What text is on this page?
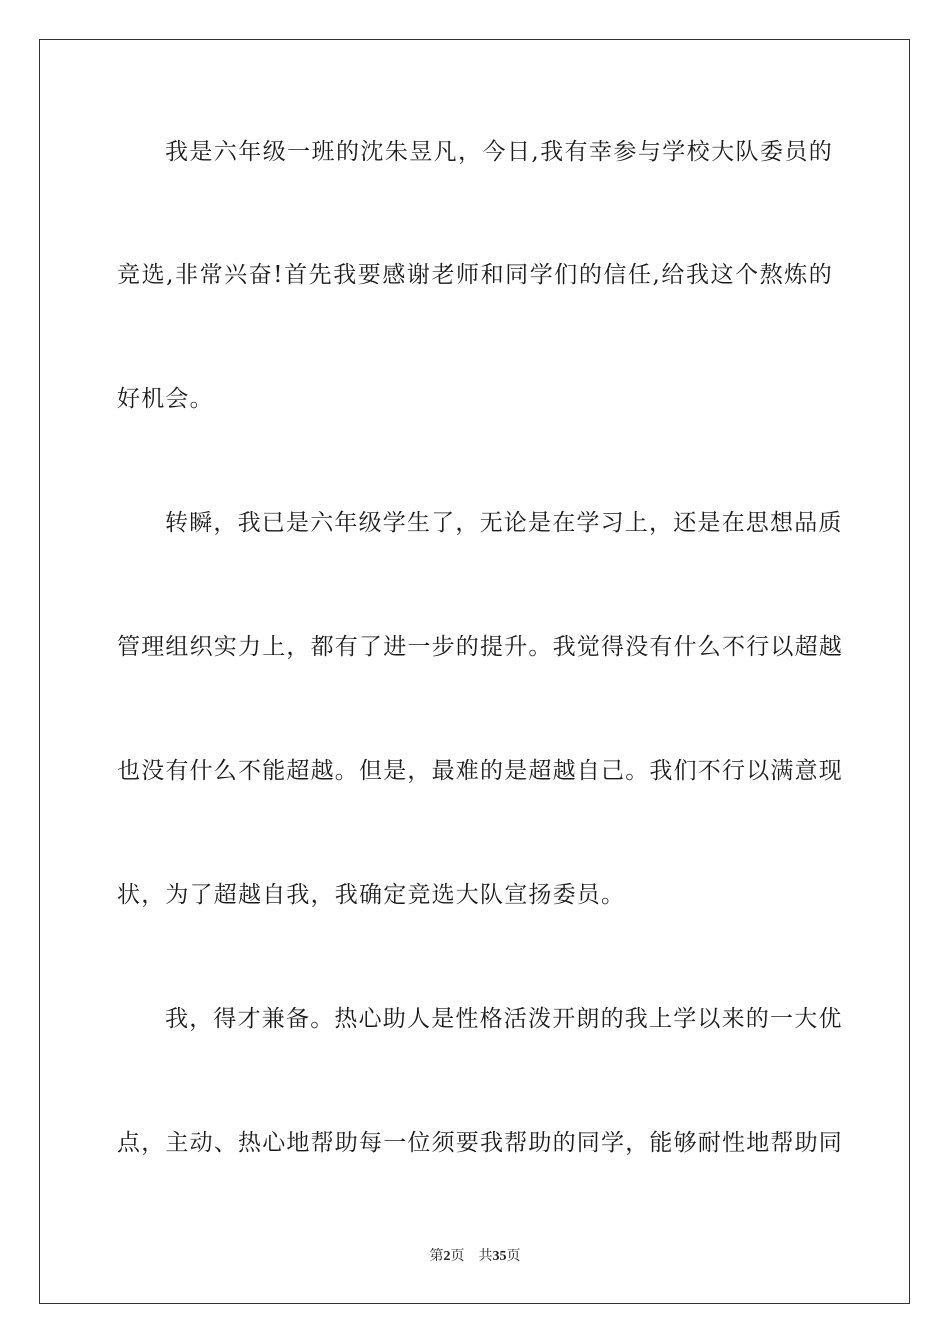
我是六年级一班的沈朱昱凡，今日,我有幸参与学校大队委员的
竞选,非常兴奋!首先我要感谢老师和同学们的信任,给我这个熬炼的
好机会。
转瞬，我已是六年级学生了，无论是在学习上，还是在思想品质
管理组织实力上，都有了进一步的提升。我觉得没有什么不行以超越
也没有什么不能超越。但是，最难的是超越自己。我们不行以满意现
状，为了超越自我，我确定竞选大队宣扬委员。
我，得才兼备。热心助人是性格活泼开朗的我上学以来的一大优
点，主动、热心地帮助每一位须要我帮助的同学，能够耐性地帮助同
第2页 共35页
